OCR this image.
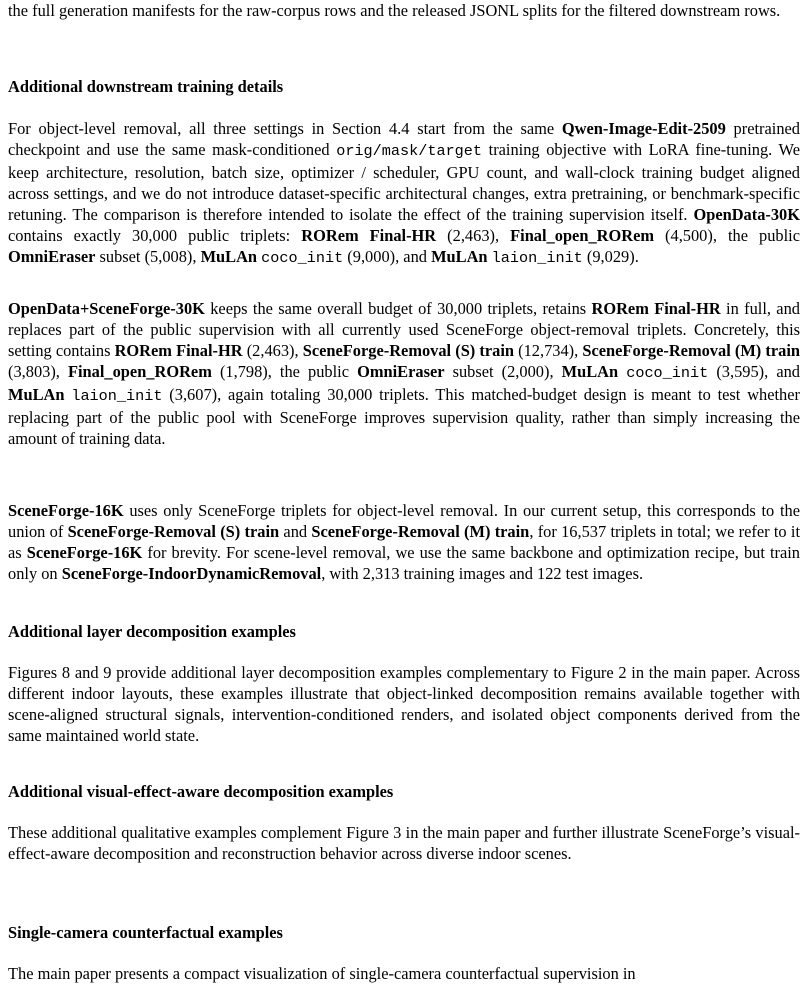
the full generation manifests for the raw-corpus rows and the released JSONL splits for the filtered downstream rows.

Additional downstream training details

For object-level removal, all three settings in Section 4.4 start from the same Qwen-Image-Edit-2509 pretrained checkpoint and use the same mask-conditioned orig/mask/target training objective with LoRA fine-tuning. We keep architecture, resolution, batch size, optimizer / scheduler, GPU count, and wall-clock training budget aligned across settings, and we do not introduce dataset-specific architectural changes, extra pretraining, or benchmark-specific retuning. The comparison is therefore intended to isolate the effect of the training supervision itself. OpenData-30K contains exactly 30,000 public triplets: RORem Final-HR (2,463), Final_open_RORem (4,500), the public OmniEraser subset (5,008), MuLAn coco_init (9,000), and MuLAn laion_init (9,029).

OpenData+SceneForge-30K keeps the same overall budget of 30,000 triplets, retains RORem Final-HR in full, and replaces part of the public supervision with all currently used SceneForge object-removal triplets. Concretely, this setting contains RORem Final-HR (2,463), SceneForge-Removal (S) train (12,734), SceneForge-Removal (M) train (3,803), Final_open_RORem (1,798), the public OmniEraser subset (2,000), MuLAn coco_init (3,595), and MuLAn laion_init (3,607), again totaling 30,000 triplets. This matched-budget design is meant to test whether replacing part of the public pool with SceneForge improves supervision quality, rather than simply increasing the amount of training data.

SceneForge-16K uses only SceneForge triplets for object-level removal. In our current setup, this corresponds to the union of SceneForge-Removal (S) train and SceneForge-Removal (M) train, for 16,537 triplets in total; we refer to it as SceneForge-16K for brevity. For scene-level removal, we use the same backbone and optimization recipe, but train only on SceneForge-IndoorDynamicRemoval, with 2,313 training images and 122 test images.

Additional layer decomposition examples

Figures 8 and 9 provide additional layer decomposition examples complementary to Figure 2 in the main paper. Across different indoor layouts, these examples illustrate that object-linked decomposition remains available together with scene-aligned structural signals, intervention-conditioned renders, and isolated object components derived from the same maintained world state.

Additional visual-effect-aware decomposition examples

These additional qualitative examples complement Figure 3 in the main paper and further illustrate SceneForge’s visual-effect-aware decomposition and reconstruction behavior across diverse indoor scenes.

Single-camera counterfactual examples

The main paper presents a compact visualization of single-camera counterfactual supervision in
